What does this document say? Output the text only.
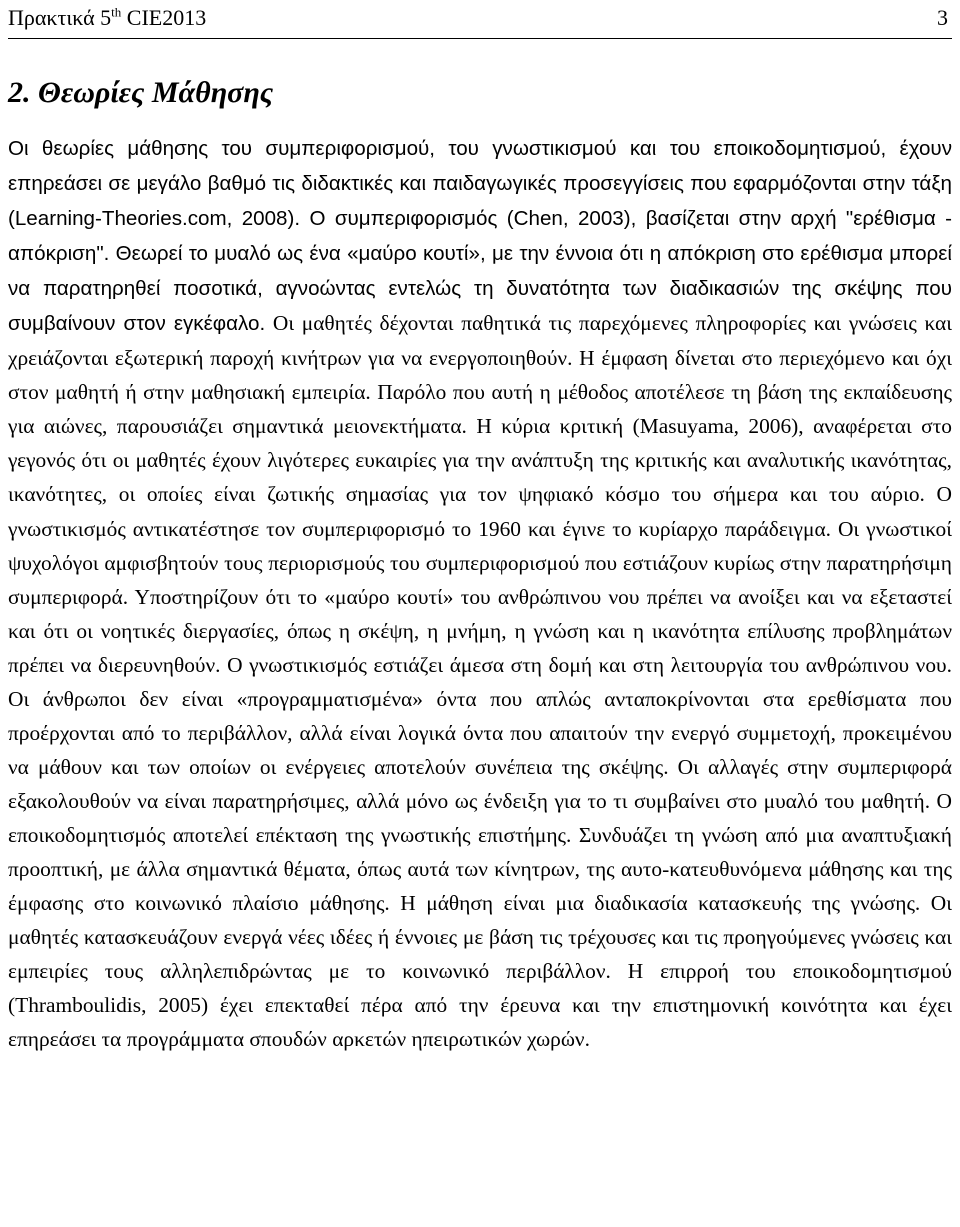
Πρακτικά 5th CIE2013	3
2. Θεωρίες Μάθησης

Οι θεωρίες μάθησης του συμπεριφορισμού, του γνωστικισμού και του εποικοδομητισμού, έχουν επηρεάσει σε μεγάλο βαθμό τις διδακτικές και παιδαγωγικές προσεγγίσεις που εφαρμόζονται στην τάξη (Learning-Theories.com, 2008). Ο συμπεριφορισμός (Chen, 2003), βασίζεται στην αρχή "ερέθισμα - απόκριση". Θεωρεί το μυαλό ως ένα «μαύρο κουτί», με την έννοια ότι η απόκριση στο ερέθισμα μπορεί να παρατηρηθεί ποσοτικά, αγνοώντας εντελώς τη δυνατότητα των διαδικασιών της σκέψης που συμβαίνουν στον εγκέφαλο. Οι μαθητές δέχονται παθητικά τις παρεχόμενες πληροφορίες και γνώσεις και χρειάζονται εξωτερική παροχή κινήτρων για να ενεργοποιηθούν. Η έμφαση δίνεται στο περιεχόμενο και όχι στον μαθητή ή στην μαθησιακή εμπειρία. Παρόλο που αυτή η μέθοδος αποτέλεσε τη βάση της εκπαίδευσης για αιώνες, παρουσιάζει σημαντικά μειονεκτήματα. Η κύρια κριτική (Masuyama, 2006), αναφέρεται στο γεγονός ότι οι μαθητές έχουν λιγότερες ευκαιρίες για την ανάπτυξη της κριτικής και αναλυτικής ικανότητας, ικανότητες, οι οποίες είναι ζωτικής σημασίας για τον ψηφιακό κόσμο του σήμερα και του αύριο. Ο γνωστικισμός αντικατέστησε τον συμπεριφορισμό το 1960 και έγινε το κυρίαρχο παράδειγμα. Οι γνωστικοί ψυχολόγοι αμφισβητούν τους περιορισμούς του συμπεριφορισμού που εστιάζουν κυρίως στην παρατηρήσιμη συμπεριφορά. Υποστηρίζουν ότι το «μαύρο κουτί» του ανθρώπινου νου πρέπει να ανοίξει και να εξεταστεί και ότι οι νοητικές διεργασίες, όπως η σκέψη, η μνήμη, η γνώση και η ικανότητα επίλυσης προβλημάτων πρέπει να διερευνηθούν. Ο γνωστικισμός εστιάζει άμεσα στη δομή και στη λειτουργία του ανθρώπινου νου. Οι άνθρωποι δεν είναι «προγραμματισμένα» όντα που απλώς ανταποκρίνονται στα ερεθίσματα που προέρχονται από το περιβάλλον, αλλά είναι λογικά όντα που απαιτούν την ενεργό συμμετοχή, προκειμένου να μάθουν και των οποίων οι ενέργειες αποτελούν συνέπεια της σκέψης. Οι αλλαγές στην συμπεριφορά εξακολουθούν να είναι παρατηρήσιμες, αλλά μόνο ως ένδειξη για το τι συμβαίνει στο μυαλό του μαθητή. Ο εποικοδομητισμός αποτελεί επέκταση της γνωστικής επιστήμης. Συνδυάζει τη γνώση από μια αναπτυξιακή προοπτική, με άλλα σημαντικά θέματα, όπως αυτά των κίνητρων, της αυτο-κατευθυνόμενα μάθησης και της έμφασης στο κοινωνικό πλαίσιο μάθησης. Η μάθηση είναι μια διαδικασία κατασκευής της γνώσης. Οι μαθητές κατασκευάζουν ενεργά νέες ιδέες ή έννοιες με βάση τις τρέχουσες και τις προηγούμενες γνώσεις και εμπειρίες τους αλληλεπιδρώντας με το κοινωνικό περιβάλλον. Η επιρροή του εποικοδομητισμού (Thramboulidis, 2005) έχει επεκταθεί πέρα από την έρευνα και την επιστημονική κοινότητα και έχει επηρεάσει τα προγράμματα σπουδών αρκετών ηπειρωτικών χωρών.
